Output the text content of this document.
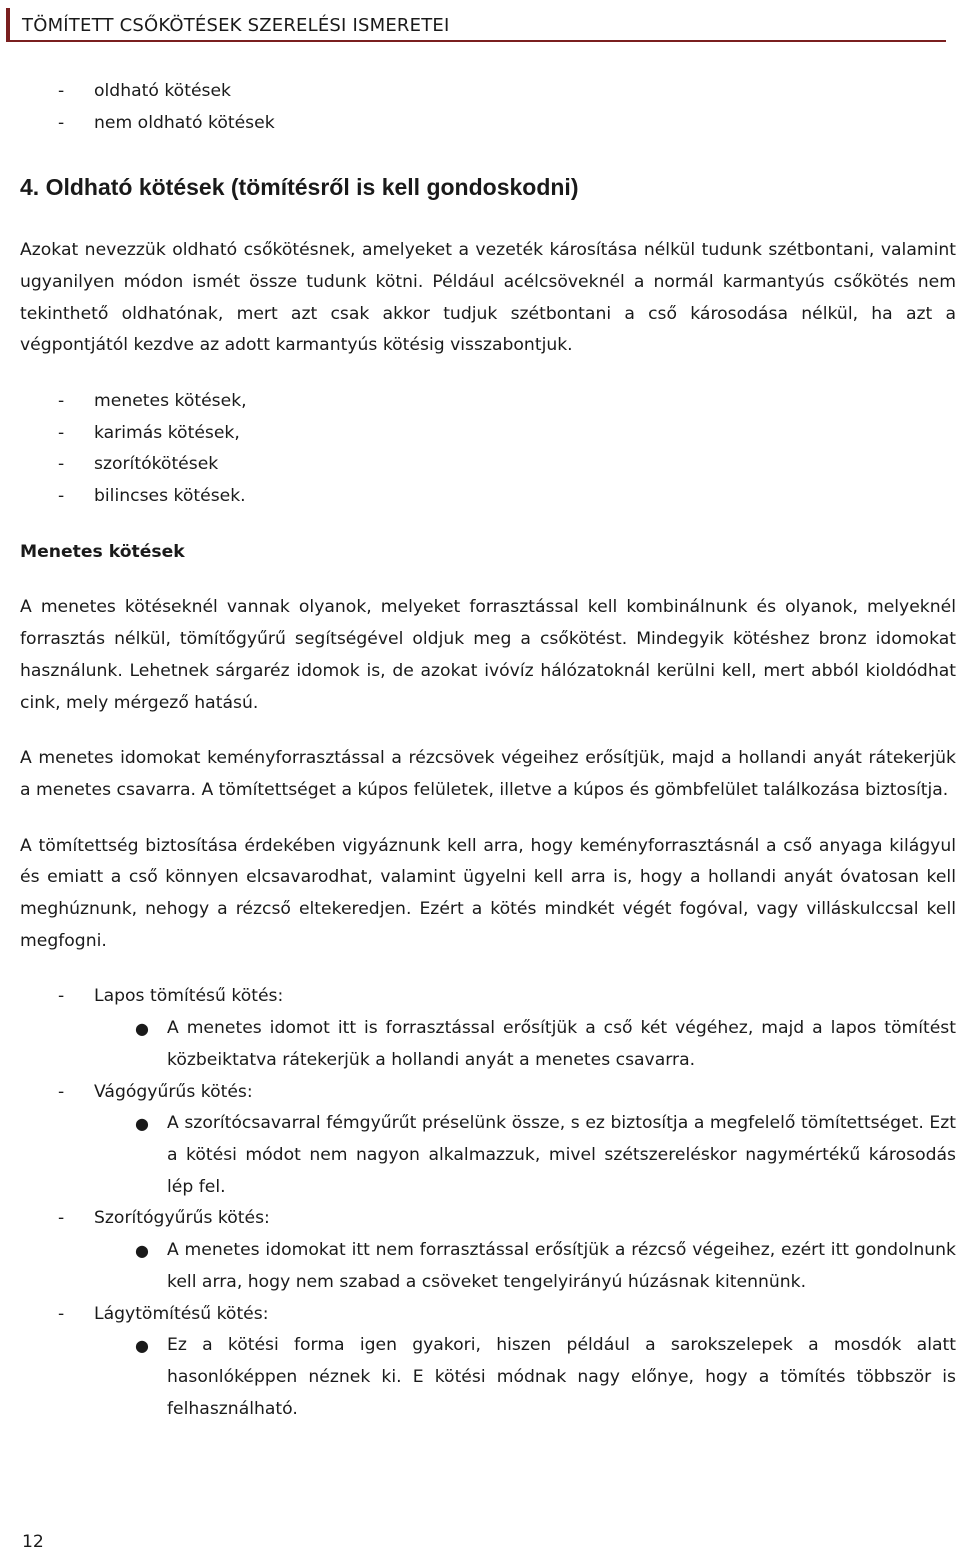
TÖMÍTETT CSŐKÖTÉSEK SZERELÉSI ISMERETEI
- oldható kötések
- nem oldható kötések
4. Oldható kötések (tömítésről is kell gondoskodni)

Azokat nevezzük oldható csőkötésnek, amelyeket a vezeték károsítása nélkül tudunk szétbontani, valamint ugyanilyen módon ismét össze tudunk kötni. Például acélcsöveknél a normál karmantyús csőkötés nem tekinthető oldhatónak, mert azt csak akkor tudjuk szétbontani a cső károsodása nélkül, ha azt a végpontjától kezdve az adott karmantyús kötésig visszabontjuk.

- menetes kötések,
- karimás kötések,
- szorítókötések
- bilincses kötések.
Menetes kötések

A menetes kötéseknél vannak olyanok, melyeket forrasztással kell kombinálnunk és olyanok, melyeknél forrasztás nélkül, tömítőgyűrű segítségével oldjuk meg a csőkötést. Mindegyik kötéshez bronz idomokat használunk. Lehetnek sárgaréz idomok is, de azokat ivóvíz hálózatoknál kerülni kell, mert abból kioldódhat cink, mely mérgező hatású.

A menetes idomokat keményforrasztással a rézcsövek végeihez erősítjük, majd a hollandi anyát rátekerjük a menetes csavarra. A tömítettséget a kúpos felületek, illetve a kúpos és gömbfelület találkozása biztosítja.

A tömítettség biztosítása érdekében vigyáznunk kell arra, hogy keményforrasztásnál a cső anyaga kilágyul és emiatt a cső könnyen elcsavarodhat, valamint ügyelni kell arra is, hogy a hollandi anyát óvatosan kell meghúznunk, nehogy a rézcső eltekeredjen. Ezért a kötés mindkét végét fogóval, vagy villáskulccsal kell megfogni.

- Lapos tömítésű kötés:
● A menetes idomot itt is forrasztással erősítjük a cső két végéhez, majd a lapos tömítést közbeiktatva rátekerjük a hollandi anyát a menetes csavarra.
- Vágógyűrűs kötés:
● A szorítócsavarral fémgyűrűt préselünk össze, s ez biztosítja a megfelelő tömítettséget. Ezt a kötési módot nem nagyon alkalmazzuk, mivel szétszereléskor nagymértékű károsodás lép fel.
- Szorítógyűrűs kötés:
● A menetes idomokat itt nem forrasztással erősítjük a rézcső végeihez, ezért itt gondolnunk kell arra, hogy nem szabad a csöveket tengelyirányú húzásnak kitennünk.
- Lágytömítésű kötés:
● Ez a kötési forma igen gyakori, hiszen például a sarokszelepek a mosdók alatt hasonlóképpen néznek ki. E kötési módnak nagy előnye, hogy a tömítés többször is felhasználható.
12
